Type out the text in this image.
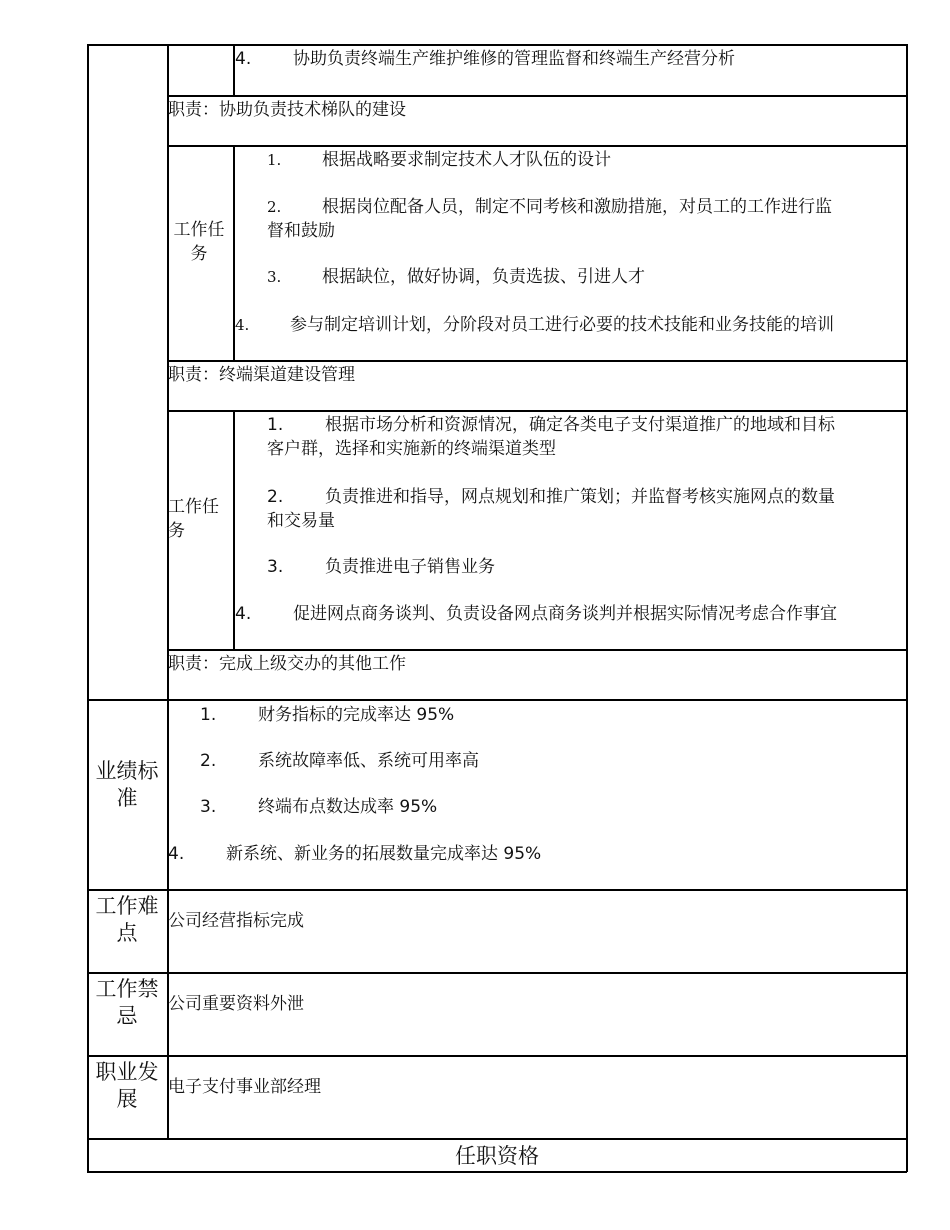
4. 协助负责终端生产维护维修的管理监督和终端生产经营分析
职责：协助负责技术梯队的建设
工作任务
1. 根据战略要求制定技术人才队伍的设计
2. 根据岗位配备人员，制定不同考核和激励措施，对员工的工作进行监
督和鼓励
3. 根据缺位，做好协调，负责选拔、引进人才
4. 参与制定培训计划，分阶段对员工进行必要的技术技能和业务技能的培训
职责：终端渠道建设管理
工作任务
1. 根据市场分析和资源情况，确定各类电子支付渠道推广的地域和目标
客户群，选择和实施新的终端渠道类型
2. 负责推进和指导，网点规划和推广策划；并监督考核实施网点的数量
和交易量
3. 负责推进电子销售业务
4. 促进网点商务谈判、负责设备网点商务谈判并根据实际情况考虑合作事宜
职责：完成上级交办的其他工作
业绩标准
1. 财务指标的完成率达 95%
2. 系统故障率低、系统可用率高
3. 终端布点数达成率 95%
4. 新系统、新业务的拓展数量完成率达 95%
工作难点	公司经营指标完成
工作禁忌	公司重要资料外泄
职业发展	电子支付事业部经理
任职资格
